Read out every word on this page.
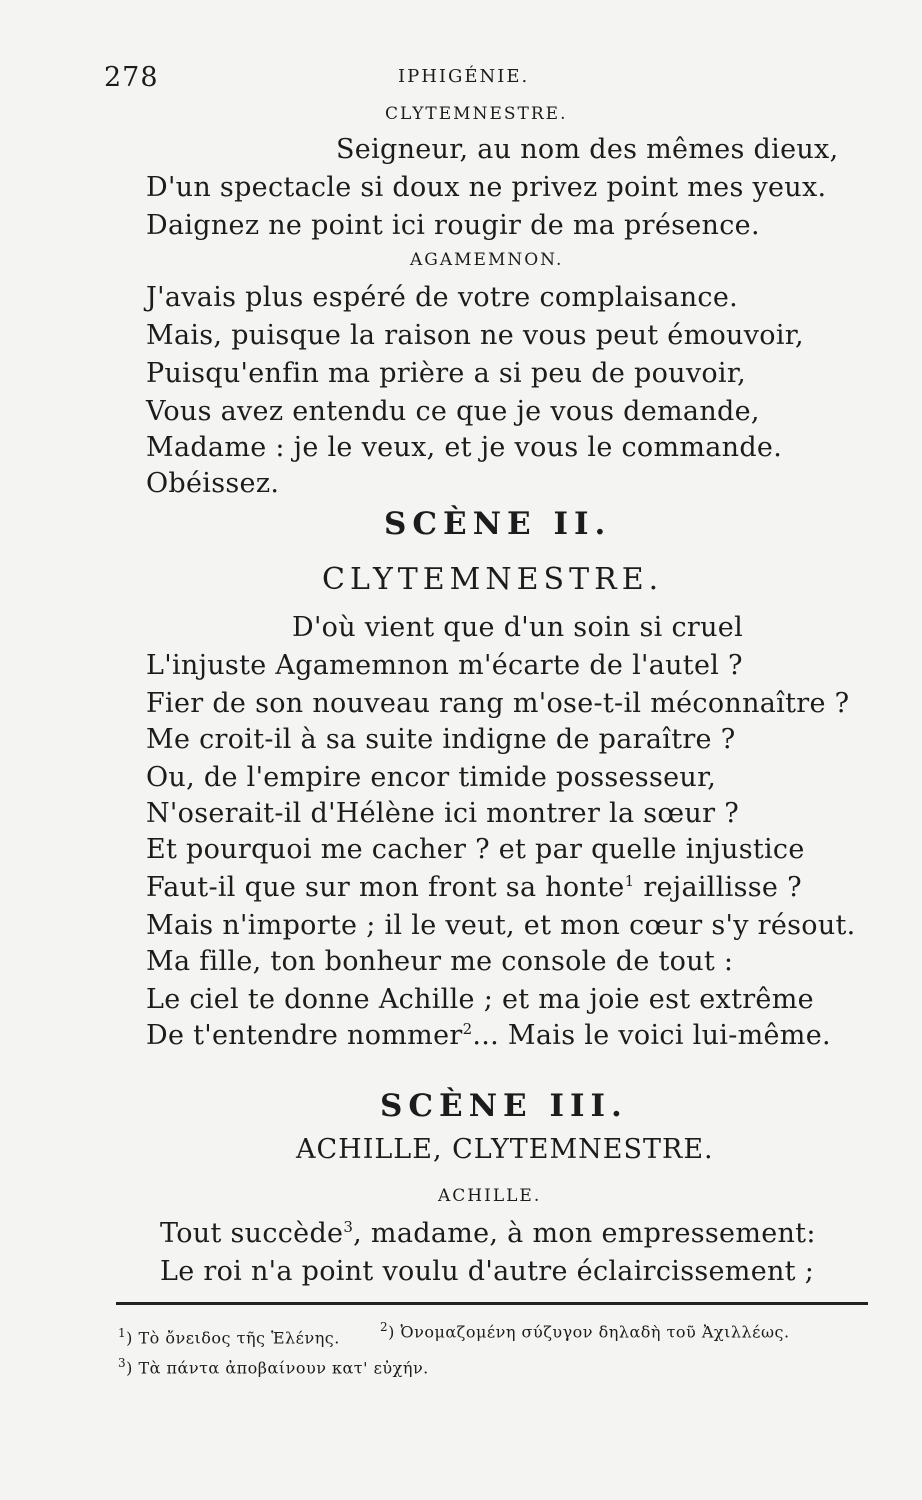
278	IPHIGÉNIE.
CLYTEMNESTRE.
Seigneur, au nom des mêmes dieux,
D'un spectacle si doux ne privez point mes yeux.
Daignez ne point ici rougir de ma présence.
AGAMEMNON.
J'avais plus espéré de votre complaisance.
Mais, puisque la raison ne vous peut émouvoir,
Puisqu'enfin ma prière a si peu de pouvoir,
Vous avez entendu ce que je vous demande,
Madame : je le veux, et je vous le commande.
Obéissez.
SCÈNE II.
CLYTEMNESTRE.
D'où vient que d'un soin si cruel
L'injuste Agamemnon m'écarte de l'autel ?
Fier de son nouveau rang m'ose-t-il méconnaître ?
Me croit-il à sa suite indigne de paraître ?
Ou, de l'empire encor timide possesseur,
N'oserait-il d'Hélène ici montrer la sœur ?
Et pourquoi me cacher ? et par quelle injustice
Faut-il que sur mon front sa honte$^1$ rejaillisse ?
Mais n'importe ; il le veut, et mon cœur s'y résout.
Ma fille, ton bonheur me console de tout :
Le ciel te donne Achille ; et ma joie est extrême
De t'entendre nommer$^2$... Mais le voici lui-même.
SCÈNE III.
ACHILLE, CLYTEMNESTRE.
ACHILLE.
Tout succède$^3$, madame, à mon empressement:
Le roi n'a point voulu d'autre éclaircissement ;
$^1$) Τὸ ὄνειδος τῆς Ἑλένης.
$^2$) Ὀνομαζομένη σύζυγον δηλαδὴ τοῦ Ἀχιλλέως.
$^3$) Τὰ πάντα ἀποβαίνουν κατ' εὐχήν.
